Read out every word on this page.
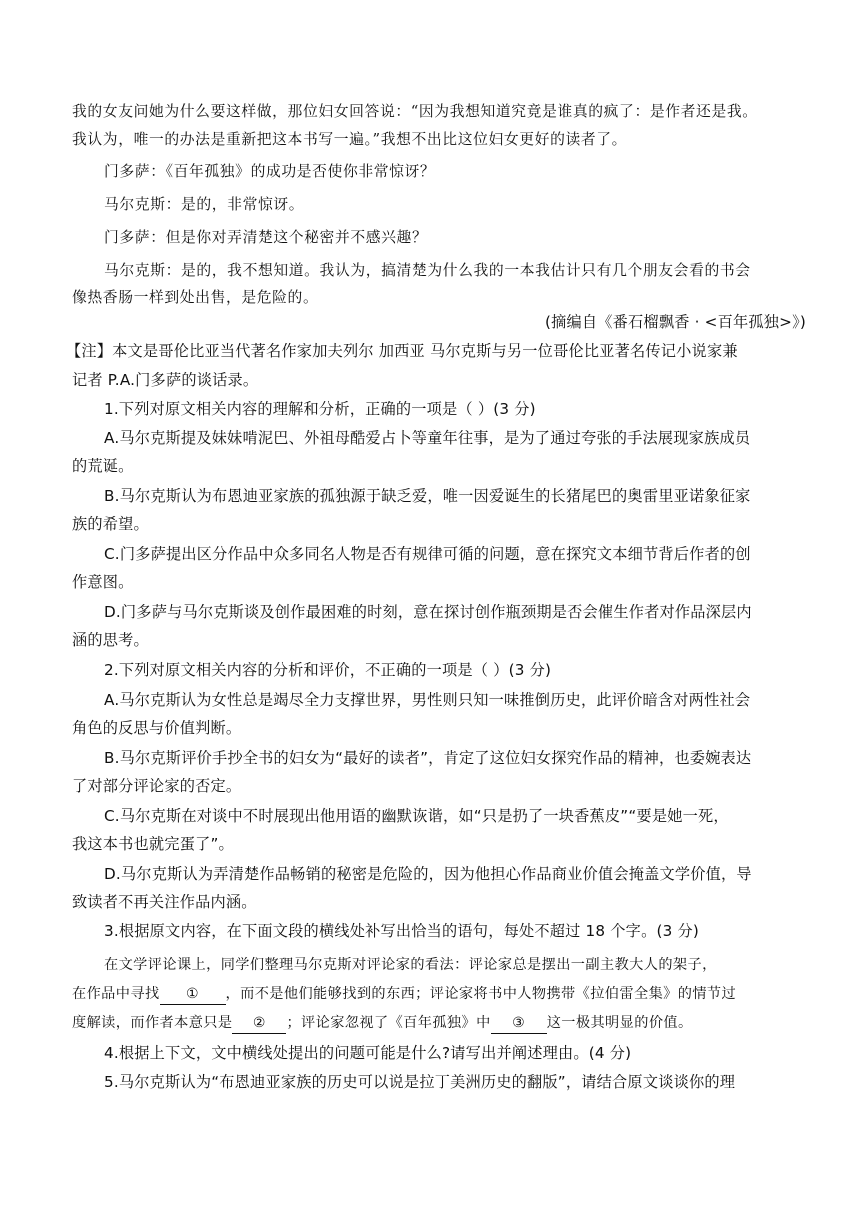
我的女友问她为什么要这样做，那位妇女回答说：“因为我想知道究竟是谁真的疯了：是作者还是我。
我认为，唯一的办法是重新把这本书写一遍。”我想不出比这位妇女更好的读者了。
门多萨：《百年孤独》的成功是否使你非常惊讶？
马尔克斯：是的，非常惊讶。
门多萨：但是你对弄清楚这个秘密并不感兴趣？
马尔克斯：是的，我不想知道。我认为，搞清楚为什么我的一本我估计只有几个朋友会看的书会
像热香肠一样到处出售，是危险的。
(摘编自《番石榴飘香 · <百年孤独>》)
【注】本文是哥伦比亚当代著名作家加夫列尔 加西亚 马尔克斯与另一位哥伦比亚著名传记小说家兼
记者 P.A.门多萨的谈话录。
1.下列对原文相关内容的理解和分析，正确的一项是（ ）(3 分)
A.马尔克斯提及妹妹啃泥巴、外祖母酷爱占卜等童年往事，是为了通过夸张的手法展现家族成员
的荒诞。
B.马尔克斯认为布恩迪亚家族的孤独源于缺乏爱，唯一因爱诞生的长猪尾巴的奥雷里亚诺象征家
族的希望。
C.门多萨提出区分作品中众多同名人物是否有规律可循的问题，意在探究文本细节背后作者的创
作意图。
D.门多萨与马尔克斯谈及创作最困难的时刻，意在探讨创作瓶颈期是否会催生作者对作品深层内
涵的思考。
2.下列对原文相关内容的分析和评价，不正确的一项是（ ）(3 分)
A.马尔克斯认为女性总是竭尽全力支撑世界，男性则只知一味推倒历史，此评价暗含对两性社会
角色的反思与价值判断。
B.马尔克斯评价手抄全书的妇女为“最好的读者”，肯定了这位妇女探究作品的精神，也委婉表达
了对部分评论家的否定。
C.马尔克斯在对谈中不时展现出他用语的幽默诙谐，如“只是扔了一块香蕉皮”“要是她一死，
我这本书也就完蛋了”。
D.马尔克斯认为弄清楚作品畅销的秘密是危险的，因为他担心作品商业价值会掩盖文学价值，导
致读者不再关注作品内涵。
3.根据原文内容，在下面文段的横线处补写出恰当的语句，每处不超过 18 个字。(3 分)
在文学评论课上，同学们整理马尔克斯对评论家的看法：评论家总是摆出一副主教大人的架子，
在作品中寻找 ① ，而不是他们能够找到的东西；评论家将书中人物携带《拉伯雷全集》的情节过
度解读，而作者本意只是 ② ；评论家忽视了《百年孤独》中 ③ 这一极其明显的价值。
4.根据上下文，文中横线处提出的问题可能是什么?请写出并阐述理由。(4 分)
5.马尔克斯认为“布恩迪亚家族的历史可以说是拉丁美洲历史的翻版”，请结合原文谈谈你的理
